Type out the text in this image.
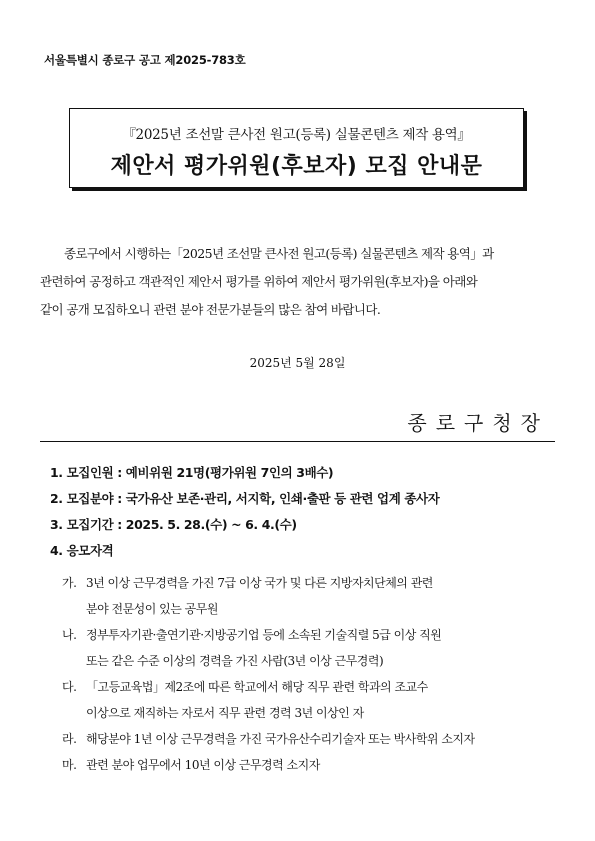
서울특별시 종로구 공고 제2025-783호
『2025년 조선말 큰사전 원고(등록) 실물콘텐츠 제작 용역』
제안서 평가위원(후보자) 모집 안내문
종로구에서 시행하는「2025년 조선말 큰사전 원고(등록) 실물콘텐츠 제작 용역」과
관련하여 공정하고 객관적인 제안서 평가를 위하여 제안서 평가위원(후보자)을 아래와
같이 공개 모집하오니 관련 분야 전문가분들의 많은 참여 바랍니다.
2025년 5월 28일
종로구청장
1. 모집인원 : 예비위원 21명(평가위원 7인의 3배수)
2. 모집분야 : 국가유산 보존·관리, 서지학, 인쇄·출판 등 관련 업계 종사자
3. 모집기간 : 2025. 5. 28.(수) ~ 6. 4.(수)
4. 응모자격
가. 3년 이상 근무경력을 가진 7급 이상 국가 및 다른 지방자치단체의 관련
분야 전문성이 있는 공무원
나. 정부투자기관·출연기관·지방공기업 등에 소속된 기술직렬 5급 이상 직원
또는 같은 수준 이상의 경력을 가진 사람(3년 이상 근무경력)
다. 「고등교육법」제2조에 따른 학교에서 해당 직무 관련 학과의 조교수
이상으로 재직하는 자로서 직무 관련 경력 3년 이상인 자
라. 해당분야 1년 이상 근무경력을 가진 국가유산수리기술자 또는 박사학위 소지자
마. 관련 분야 업무에서 10년 이상 근무경력 소지자
